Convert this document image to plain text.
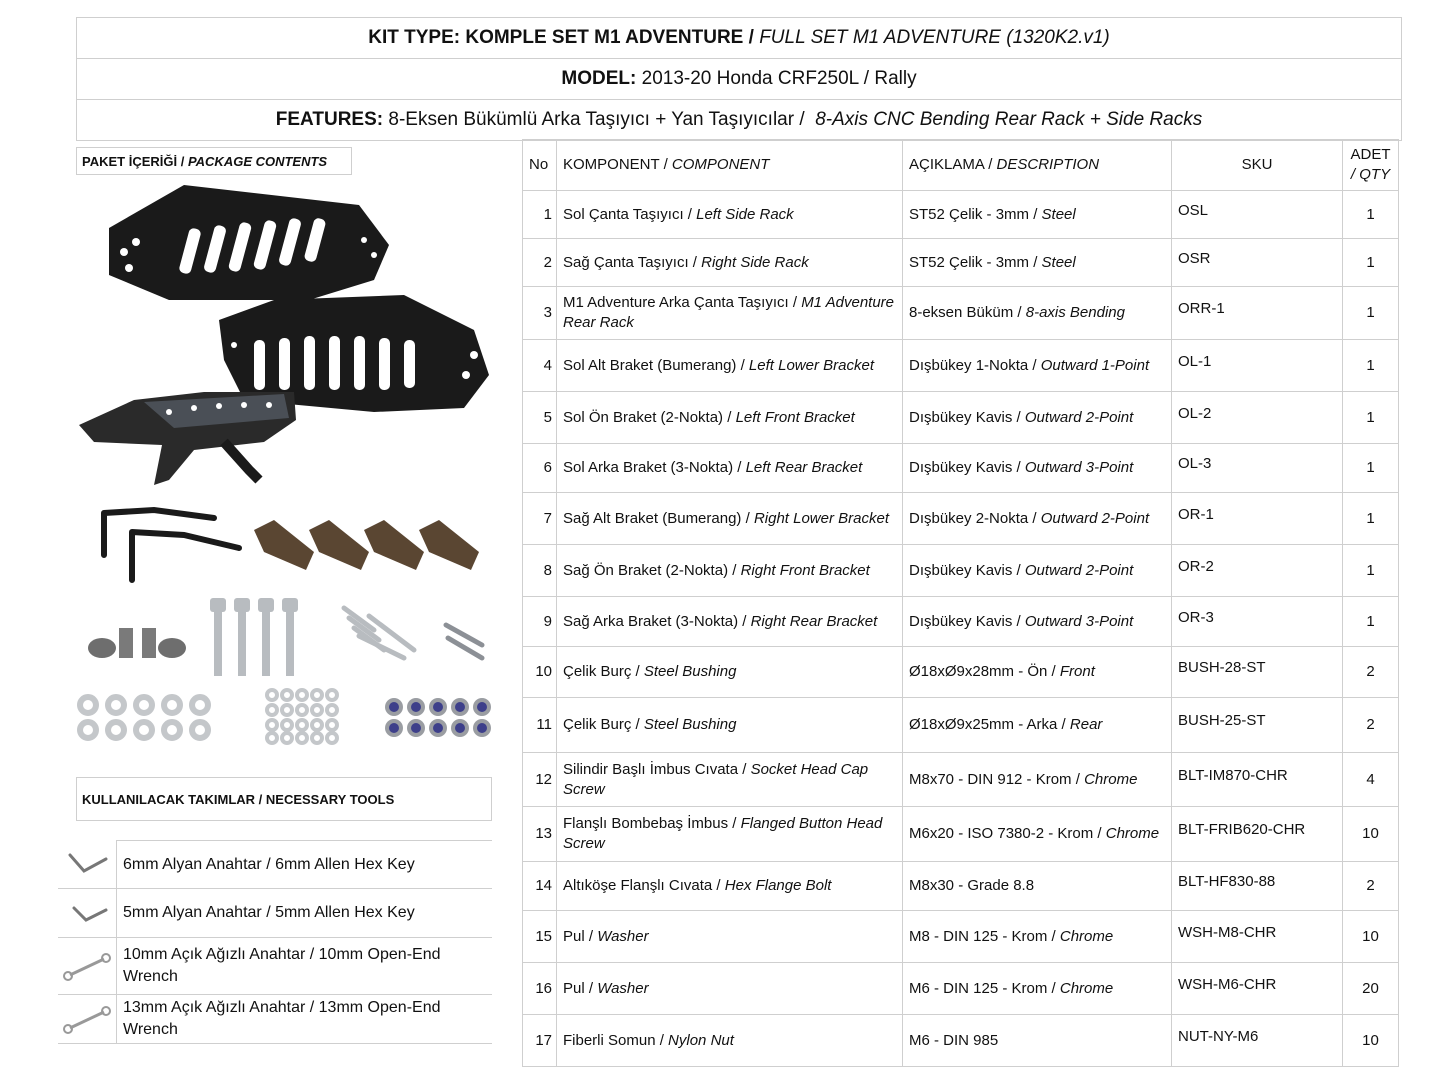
KIT TYPE: KOMPLE SET M1 ADVENTURE /
FULL SET M1 ADVENTURE (1320K2.v1)
MODEL:
2013-20 Honda CRF250L / Rally
FEATURES:
8-Eksen Bükümlü Arka Taşıyıcı + Yan Taşıyıcılar /
8-Axis CNC Bending Rear Rack + Side Racks
PAKET İÇERİĞİ /
PACKAGE CONTENTS
KULLANILACAK TAKIMLAR / NECESSARY TOOLS
6mm Alyan Anahtar / 6mm Allen Hex Key
5mm Alyan Anahtar / 5mm Allen Hex Key
10mm Açık Ağızlı Anahtar / 10mm Open-End Wrench
13mm Açık Ağızlı Anahtar / 13mm Open-End Wrench
No	KOMPONENT / COMPONENT	AÇIKLAMA / DESCRIPTION	SKU	ADET
/ QTY
1	Sol Çanta Taşıyıcı / Left Side Rack	ST52 Çelik - 3mm / Steel	OSL	1
2	Sağ Çanta Taşıyıcı / Right Side Rack	ST52 Çelik - 3mm / Steel	OSR	1
3	M1 Adventure Arka Çanta Taşıyıcı / M1 Adventure Rear Rack	8-eksen Büküm / 8-axis Bending	ORR-1	1
4	Sol Alt Braket (Bumerang) / Left Lower Bracket	Dışbükey 1-Nokta / Outward 1-Point	OL-1	1
5	Sol Ön Braket (2-Nokta) / Left Front Bracket	Dışbükey Kavis / Outward 2-Point	OL-2	1
6	Sol Arka Braket (3-Nokta) / Left Rear Bracket	Dışbükey Kavis / Outward 3-Point	OL-3	1
7	Sağ Alt Braket (Bumerang) / Right Lower Bracket	Dışbükey 2-Nokta / Outward 2-Point	OR-1	1
8	Sağ Ön Braket (2-Nokta) / Right Front Bracket	Dışbükey Kavis / Outward 2-Point	OR-2	1
9	Sağ Arka Braket (3-Nokta) / Right Rear Bracket	Dışbükey Kavis / Outward 3-Point	OR-3	1
10	Çelik Burç / Steel Bushing	Ø18xØ9x28mm - Ön / Front	BUSH-28-ST	2
11	Çelik Burç / Steel Bushing	Ø18xØ9x25mm - Arka / Rear	BUSH-25-ST	2
12	Silindir Başlı İmbus Cıvata / Socket Head Cap Screw	M8x70 - DIN 912 - Krom / Chrome	BLT-IM870-CHR	4
13	Flanşlı Bombebaş İmbus / Flanged Button Head Screw	M6x20 - ISO 7380-2 - Krom / Chrome	BLT-FRIB620-CHR	10
14	Altıköşe Flanşlı Cıvata / Hex Flange Bolt	M8x30 - Grade 8.8	BLT-HF830-88	2
15	Pul / Washer	M8 - DIN 125 - Krom / Chrome	WSH-M8-CHR	10
16	Pul / Washer	M6 - DIN 125 - Krom / Chrome	WSH-M6-CHR	20
17	Fiberli Somun / Nylon Nut	M6 - DIN 985	NUT-NY-M6	10
